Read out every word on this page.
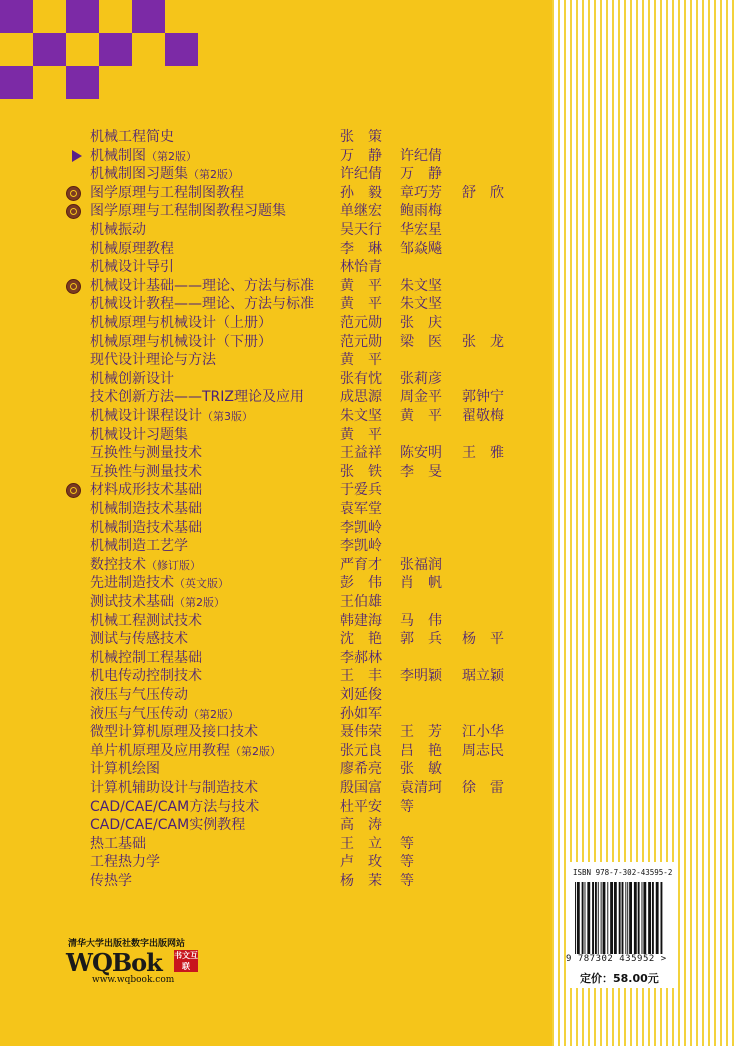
机械工程简史	张　策
机械制图（第2版）	万　静	许纪倩
机械制图习题集（第2版）	许纪倩	万　静
图学原理与工程制图教程	孙　毅	章巧芳	舒　欣
图学原理与工程制图教程习题集	单继宏	鲍雨梅
机械振动	吴天行	华宏星
机械原理教程	李　琳	邹焱飚
机械设计导引	林怡青
机械设计基础——理论、方法与标准 黄　平	朱文坚
机械设计教程——理论、方法与标准 黄　平	朱文坚
机械原理与机械设计（上册）	范元勋	张　庆
机械原理与机械设计（下册）	范元勋	梁　医	张　龙
现代设计理论与方法	黄　平
机械创新设计	张有忱	张莉彦
技术创新方法——TRIZ理论及应用	成思源	周金平	郭钟宁
机械设计课程设计（第3版）	朱文坚	黄　平	翟敬梅
机械设计习题集	黄　平
互换性与测量技术	王益祥	陈安明	王　雅
互换性与测量技术	张　铁	李　旻
材料成形技术基础	于爱兵
机械制造技术基础	袁军堂
机械制造技术基础	李凯岭
机械制造工艺学	李凯岭
数控技术（修订版）	严育才	张福润
先进制造技术（英文版）	彭　伟	肖　帆
测试技术基础（第2版）	王伯雄
机械工程测试技术	韩建海	马　伟
测试与传感技术	沈　艳	郭　兵	杨　平
机械控制工程基础	李郝林
机电传动控制技术	王　丰	李明颖	琚立颖
液压与气压传动	刘延俊
液压与气压传动（第2版）	孙如军
微型计算机原理及接口技术	聂伟荣	王　芳	江小华
单片机原理及应用教程（第2版）	张元良	吕　艳	周志民
计算机绘图	廖希亮	张　敏
计算机辅助设计与制造技术	殷国富	袁清珂	徐　雷
CAD/CAE/CAM方法与技术	杜平安	等
CAD/CAE/CAM实例教程	高　涛
热工基础	王　立	等
工程热力学	卢　玫	等
传热学	杨　茉	等
清华大学出版社数字出版网站
WQBok 书文互联
www.wqbook.com
ISBN 978-7-302-43595-2
9 787302 435952 >
定价：58.00元
